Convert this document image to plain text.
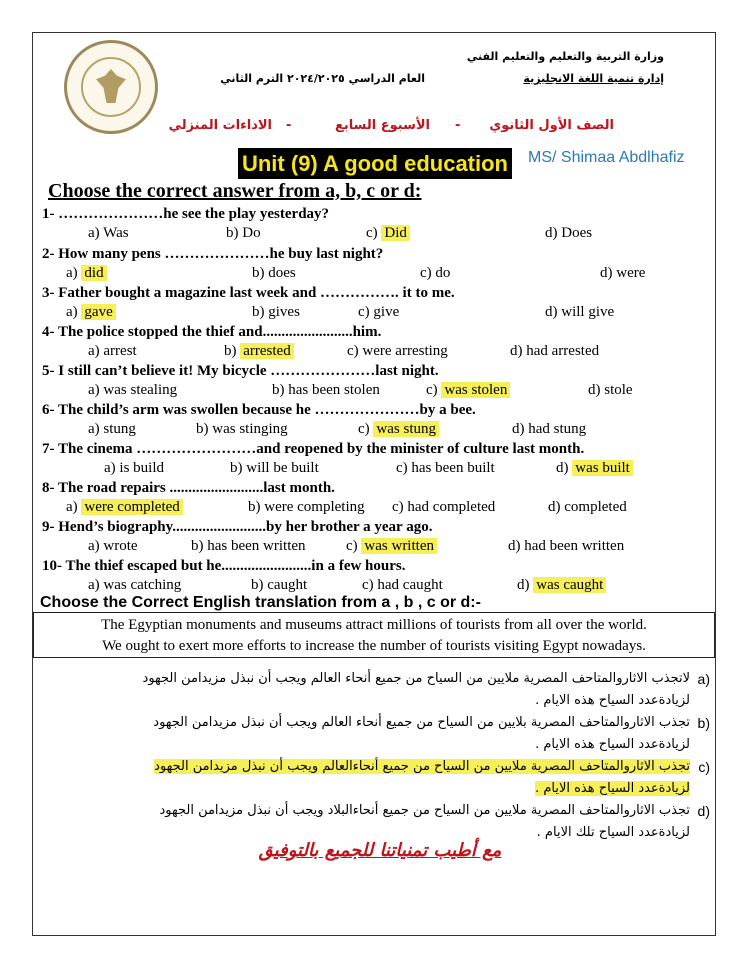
وزارة التربية والتعليم والتعليم الفني
إدارة تنمية اللغة الانجليزية
العام الدراسي ٢٠٢٤/٢٠٢٥ الترم الثاني
الصف الأول الثانوي
-
الأسبوع السابع
-
الاداءات المنزلي
Unit (9) A good education MS/ Shimaa Abdlhafiz
Choose the correct answer from a, b, c or d:
1- …………………he see the play yesterday?
a) Was	b) Do	c) Did	d) Does
2- How many pens …………………he buy last night?
a) did	b) does	c) do	d) were
3- Father bought a magazine last week and ……………. it to me.
a) gave	b) gives	c) give	d) will give
4- The police stopped the thief and........................him.
a) arrest	b) arrested	c) were arresting	d) had arrested
5- I still can’t believe it! My bicycle …………………last night.
a) was stealing	b) has been stolen	c) was stolen	d) stole
6- The child’s arm was swollen because he …………………by a bee.
a) stung	b) was stinging	c) was stung	d) had stung
7- The cinema ……………………and reopened by the minister of culture last month.
a) is build	b) will be built	c) has been built	d) was built
8- The road repairs .........................last month.
a) were completed	b) were completing c) had completed	d) completed
9- Hend’s biography.........................by her brother a year ago.
a) wrote	b) has been written	c) was written	d) had been written
10- The thief escaped but he........................in a few hours.
a) was catching	b) caught	c) had caught	d) was caught
Choose the Correct English translation from a , b , c or d:-
The Egyptian monuments and museums attract millions of tourists from all over the world.
We ought to exert more efforts to increase the number of tourists visiting Egypt nowadays.
a)
لاتجذب الاثاروالمتاحف المصرية ملايين من السياح من جميع أنحاء العالم ويجب أن نبذل مزيدامن الجهود
لزيادةعدد السياح هذه الايام .
b)
تجذب الاثاروالمتاحف المصرية بلايين من السياح من جميع أنحاء العالم ويجب أن نبذل مزيدامن الجهود
لزيادةعدد السياح هذه الايام .
c)
تجذب الاثاروالمتاحف المصرية ملايين من السياح من جميع أنحاءالعالم ويجب أن نبذل مزيدامن الجهود
لزيادةعدد السياح هذه الايام .
d)
تجذب الاثاروالمتاحف المصرية ملايين من السياح من جميع أنحاءالبلاد ويجب أن نبذل مزيدامن الجهود
لزيادةعدد السياح تلك الايام .
مع أطيب تمنياتنا للجميع بالتوفيق
